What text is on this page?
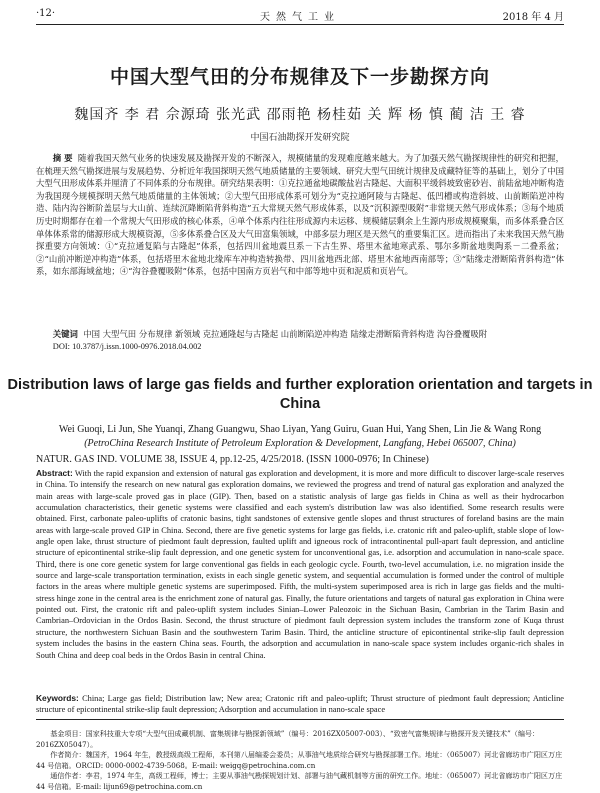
·12·	天然气工业	2018 年 4 月
中国大型气田的分布规律及下一步勘探方向
魏国齐 李 君 佘源琦 张光武 邵雨艳 杨桂茹 关 辉 杨 慎 蔺 洁 王 睿
中国石油勘探开发研究院
摘 要 随着我国天然气业务的快速发展及勘探开发的不断深入，规模储量的发现难度越来越大。为了加强天然气勘探规律性的研究和把握，在梳理天然气勘探进展与发展趋势、分析近年我国探明天然气地质储量的主要领域、研究大型气田统计规律及成藏特征等的基础上，划分了中国大型气田形成体系并厘清了不同体系的分布规律。研究结果表明：①克拉通盆地碳酸盐岩古隆起、大面积平缓斜坡致密砂岩、前陆盆地冲断构造为我国现今规模探明天然气地质储量的主体领域；②大型气田形成体系可划分为“克拉通阿陵与古隆起、低凹槽或构造斜坡、山前断陷逆冲构造、陆内沟谷断阶盖层与大山前、连续沉降断陷背斜构造”五大常规天然气形成体系，以及“沉积源型吸附”非常规天然气形成体系；③每个地质历史时期都存在着一个常规大气田形成的核心体系，④单个体系内往往形成源内未运移、规模储层剩余上生源内形成规模聚集，而多体系叠合区单体体系常的储源形成大规模资源，⑤多体系叠合区及大气田富集领域，中部多层力理区是天然气的重要集汇区。进而指出了未来我国天然气勘探重要方向领域：①“克拉通复陷与古隆起”体系，包括四川盆地震旦系－下古生界、塔里木盆地寒武系、鄂尔多斯盆地奥陶系－二叠系盆；②“山前冲断逆冲构造”体系，包括塔里木盆地北缘库车冲构造转换带、四川盆地西北部、塔里木盆地西南部等；③“陆缘走滑断陷背斜构造”体系，如东部海域盆地；④“沟谷叠覆吸附”体系，包括中国南方页岩气和中部等地中页和泥质和页岩气。
关键词 中国 大型气田 分布规律 新领域 克拉通隆起与古隆起 山前断陷逆冲构造 陆缘走滑断陷背斜构造 沟谷叠覆吸附
DOI: 10.3787/j.issn.1000-0976.2018.04.002
Distribution laws of large gas fields and further exploration orientation and targets in China
Wei Guoqi, Li Jun, She Yuanqi, Zhang Guangwu, Shao Liyan, Yang Guiru, Guan Hui, Yang Shen, Lin Jie & Wang Rong
(PetroChina Research Institute of Petroleum Exploration & Development, Langfang, Hebei 065007, China)
NATUR. GAS IND. VOLUME 38, ISSUE 4, pp.12-25, 4/25/2018. (ISSN 1000-0976; In Chinese)
Abstract: With the rapid expansion and extension of natural gas exploration and development, it is more and more difficult to discover large-scale reserves in China. To intensify the research on new natural gas exploration domains, we reviewed the progress and trend of natural gas exploration and analyzed the main areas with large-scale proved gas in place (GIP). Then, based on a statistic analysis of large gas fields in China as well as their hydrocarbon accumulation characteristics, their genetic systems were classified and each system's distribution law was also identified. Some research results were obtained. First, carbonate paleo-uplifts of cratonic basins, tight sandstones of extensive gentle slopes and thrust structures of foreland basins are the main areas with large-scale proved GIP in China. Second, there are five genetic systems for large gas fields, i.e. cratonic rift and paleo-uplift, stable slope of low-angle open lake, thrust structure of piedmont fault depression, faulted uplift and igneous rock of intracontinental pull-apart fault depression, and anticline structure of epicontinental strike-slip fault depression, and one genetic system for unconventional gas, i.e. adsorption and accumulation in nano-scale space. Third, there is one core genetic system for large conventional gas fields in each geologic cycle. Fourth, two-level accumulation, i.e. no migration inside the source and large-scale transportation termination, exists in each single genetic system, and sequential accumulation is formed under the control of multiple factors in the areas where multiple genetic systems are superimposed. Fifth, the multi-system superimposed area is rich in large gas fields and the multi-stress hinge zone in the central area is the enrichment zone of natural gas. Finally, the future orientations and targets of natural gas exploration in China were pointed out. First, the cratonic rift and paleo-uplift system includes Sinian–Lower Paleozoic in the Sichuan Basin, Cambrian in the Tarim Basin and Cambrian–Ordovician in the Ordos Basin. Second, the thrust structure of piedmont fault depression system includes the transform zone of Kuqa thrust structure, the northwestern Sichuan Basin and the southwestern Tarim Basin. Third, the anticline structure of epicontinental strike-slip fault depression system includes the basins in the eastern China seas. Fourth, the adsorption and accumulation in nano-scale space system includes organic-rich shales in South China and deep coal beds in the Ordos Basin in central China.
Keywords: China; Large gas field; Distribution law; New area; Cratonic rift and paleo-uplift; Thrust structure of piedmont fault depression; Anticline structure of epicontinental strike-slip fault depression; Adsorption and accumulation in nano-scale space

基金项目：国家科技重大专项“大型气田成藏机制、富集规律与勘探新领域”（编号：2016ZX05007-003）、“致密气富集规律与勘探开发关键技术”（编号：2016ZX05047）。

作者简介：魏国齐，1964 年生，教授级高级工程师，本刊第八届编委会委员；从事油气地质综合研究与勘探部署工作。地址：（065007）河北省廊坊市广阳区万庄 44 号信箱。ORCID: 0000-0002-4739-5068。E-mail: weigq@petrochina.com.cn

通信作者：李君，1974 年生，高级工程师，博士；主要从事油气勘探规划计划、部署与油气藏机制等方面的研究工作。地址：（065007）河北省廊坊市广阳区万庄 44 号信箱。E-mail: lijun69@petrochina.com.cn
